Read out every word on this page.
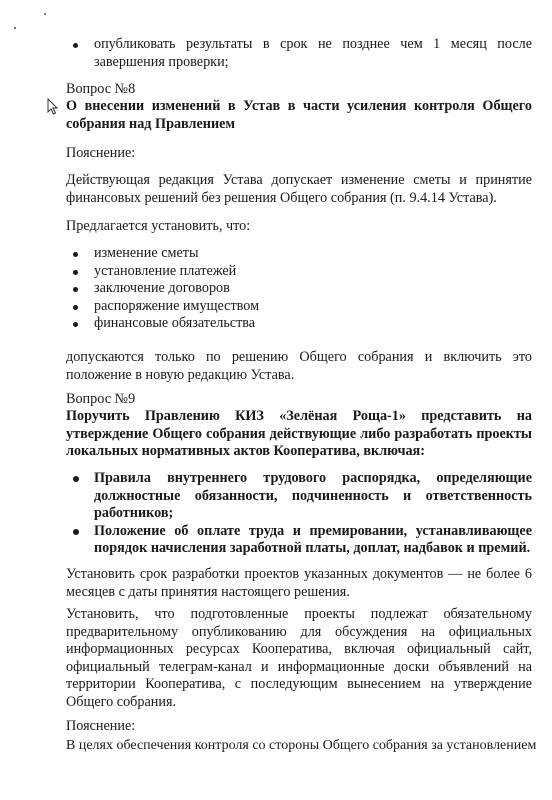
опубликовать результаты в срок не позднее чем 1 месяц после завершения проверки;
Вопрос №8

О внесении изменений в Устав в части усиления контроля Общего собрания над Правлением

Пояснение:

Действующая редакция Устава допускает изменение сметы и принятие финансовых решений без решения Общего собрания (п. 9.4.14 Устава).

Предлагается установить, что:
изменение сметы
установление платежей
заключение договоров
распоряжение имуществом
финансовые обязательства

допускаются только по решению Общего собрания и включить это положение в новую редакцию Устава.

Вопрос №9

Поручить Правлению КИЗ «Зелёная Роща-1» представить на утверждение Общего собрания действующие либо разработать проекты локальных нормативных актов Кооператива, включая:

Правила внутреннего трудового распорядка, определяющие должностные обязанности, подчиненность и ответственность работников;
Положение об оплате труда и премировании, устанавливающее порядок начисления заработной платы, доплат, надбавок и премий.

Установить срок разработки проектов указанных документов — не более 6 месяцев с даты принятия настоящего решения.

Установить, что подготовленные проекты подлежат обязательному предварительному опубликованию для обсуждения на официальных информационных ресурсах Кооператива, включая официальный сайт, официальный телеграм-канал и информационные доски объявлений на территории Кооператива, с последующим вынесением на утверждение Общего собрания.

Пояснение:
В целях обеспечения контроля со стороны Общего собрания за установлением
